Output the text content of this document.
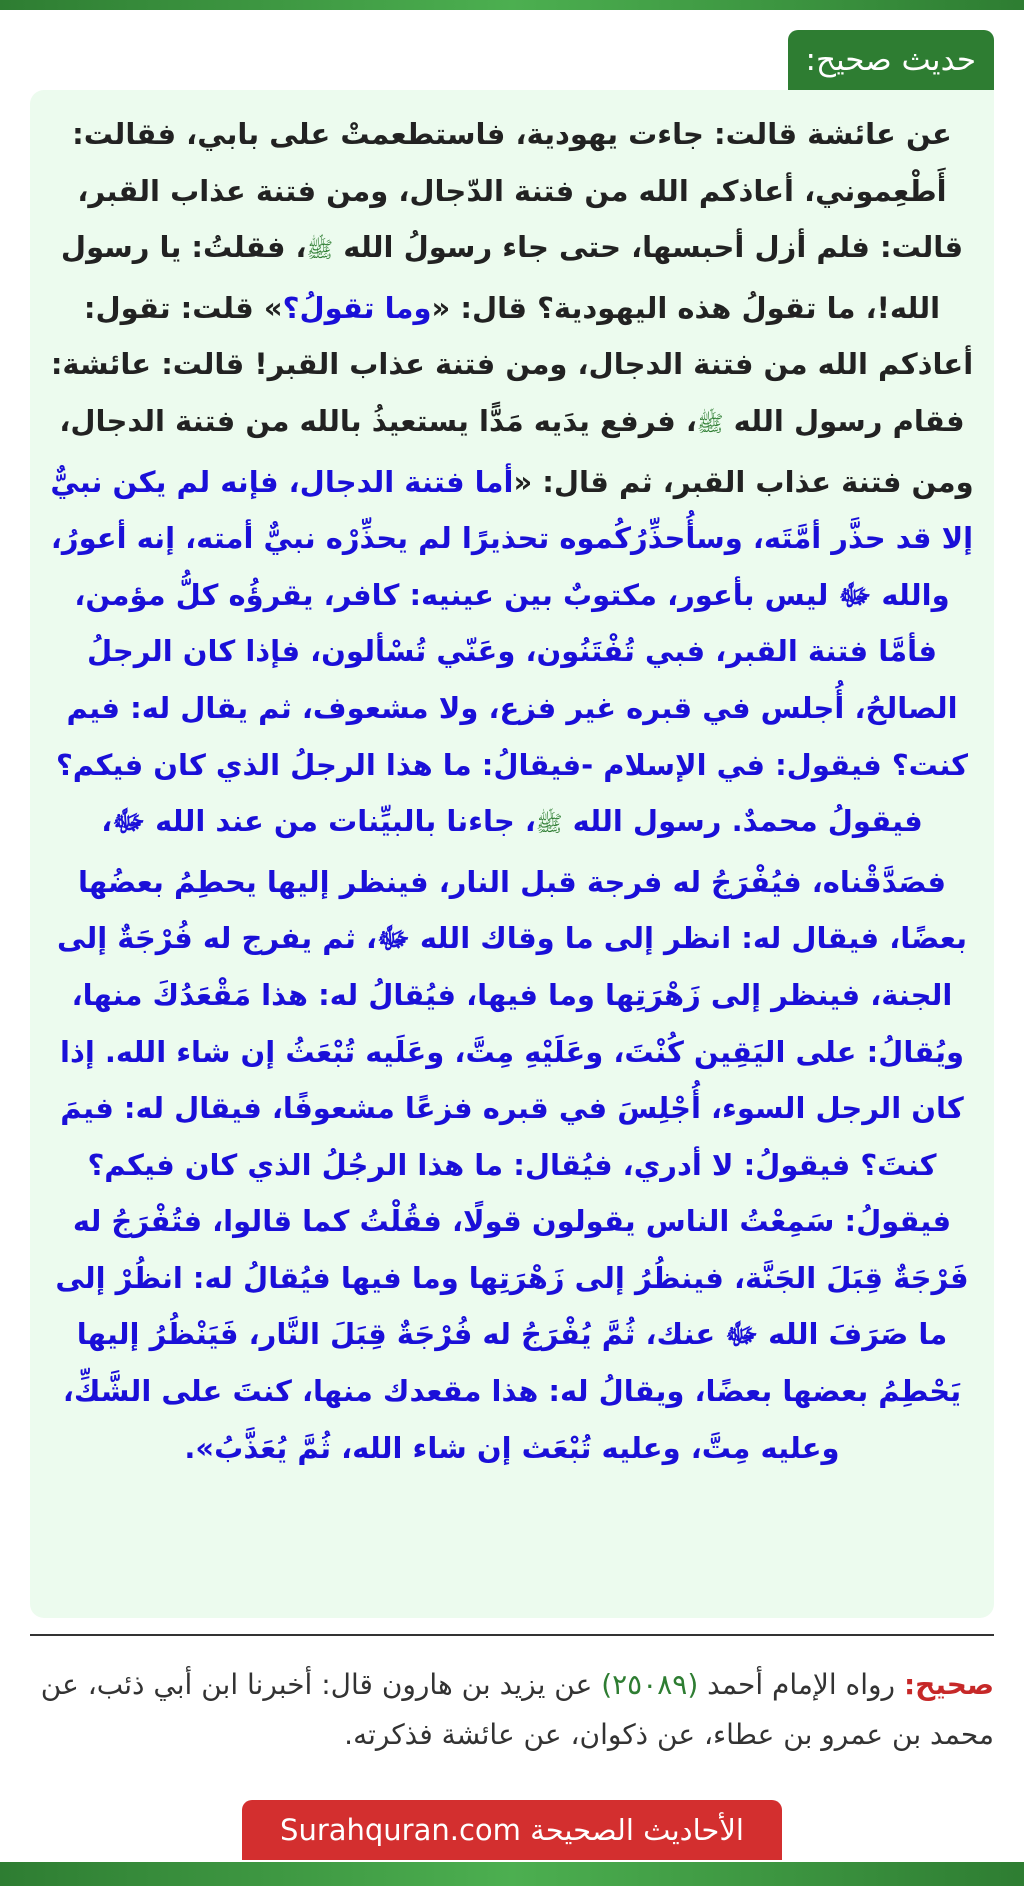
حديث صحيح:

عن عائشة قالت: جاءت يهودية، فاستطعمتْ على بابي، فقالت: أَطْعِموني، أعاذكم الله من فتنة الدّجال، ومن فتنة عذاب القبر، قالت: فلم أزل أحبسها، حتى جاء رسولُ الله ﷺ، فقلتُ: يا رسول الله!، ما تقولُ هذه اليهودية؟ قال: «وما تقولُ؟» قلت: تقول: أعاذكم الله من فتنة الدجال، ومن فتنة عذاب القبر! قالت: عائشة: فقام رسول الله ﷺ، فرفع يدَيه مَدًّا يستعيذُ بالله من فتنة الدجال، ومن فتنة عذاب القبر، ثم قال: «أما فتنة الدجال، فإنه لم يكن نبيٌّ إلا قد حذَّر أمَّتَه، وسأُحذِّرُكُموه تحذيرًا لم يحذِّرْه نبيٌّ أمته، إنه أعورُ، والله ﷻ ليس بأعور، مكتوبٌ بين عينيه: كافر، يقرؤُه كلُّ مؤمن، فأمَّا فتنة القبر، فبي تُفْتَنُون، وعَنّي تُسْألون، فإذا كان الرجلُ الصالحُ، أُجلس في قبره غير فزع، ولا مشعوف، ثم يقال له: فيم كنت؟ فيقول: في الإسلام -فيقالُ: ما هذا الرجلُ الذي كان فيكم؟ فيقولُ محمدٌ. رسول الله ﷺ، جاءنا بالبيِّنات من عند الله ﷻ، فصَدَّقْناه، فيُفْرَجُ له فرجة قبل النار، فينظر إليها يحطِمُ بعضُها بعضًا، فيقال له: انظر إلى ما وقاك الله ﷻ، ثم يفرج له فُرْجَةٌ إلى الجنة، فينظر إلى زَهْرَتِها وما فيها، فيُقالُ له: هذا مَقْعَدُكَ منها، ويُقالُ: على اليَقِين كُنْتَ، وعَلَيْهِ مِتَّ، وعَلَيه تُبْعَثُ إن شاء الله. إذا كان الرجل السوء، أُجْلِسَ في قبره فزعًا مشعوفًا، فيقال له: فيمَ كنتَ؟ فيقولُ: لا أدري، فيُقال: ما هذا الرجُلُ الذي كان فيكم؟ فيقولُ: سَمِعْتُ الناس يقولون قولًا، فقُلْتُ كما قالوا، فتُفْرَجُ له فَرْجَةٌ قِبَلَ الجَنَّة، فينظُرُ إلى زَهْرَتِها وما فيها فيُقالُ له: انظُرْ إلى ما صَرَفَ الله ﷻ عنك، ثُمَّ يُفْرَجُ له فُرْجَةٌ قِبَلَ النَّار، فَيَنْظُرُ إليها يَحْطِمُ بعضها بعضًا، ويقالُ له: هذا مقعدك منها، كنتَ على الشَّكِّ، وعليه مِتَّ، وعليه تُبْعَث إن شاء الله، ثُمَّ يُعَذَّبُ».

صحيح: رواه الإمام أحمد (٢٥٠٨٩) عن يزيد بن هارون قال: أخبرنا ابن أبي ذئب، عن محمد بن عمرو بن عطاء، عن ذكوان، عن عائشة فذكرته.

الأحاديث الصحيحة Surahquran.com
